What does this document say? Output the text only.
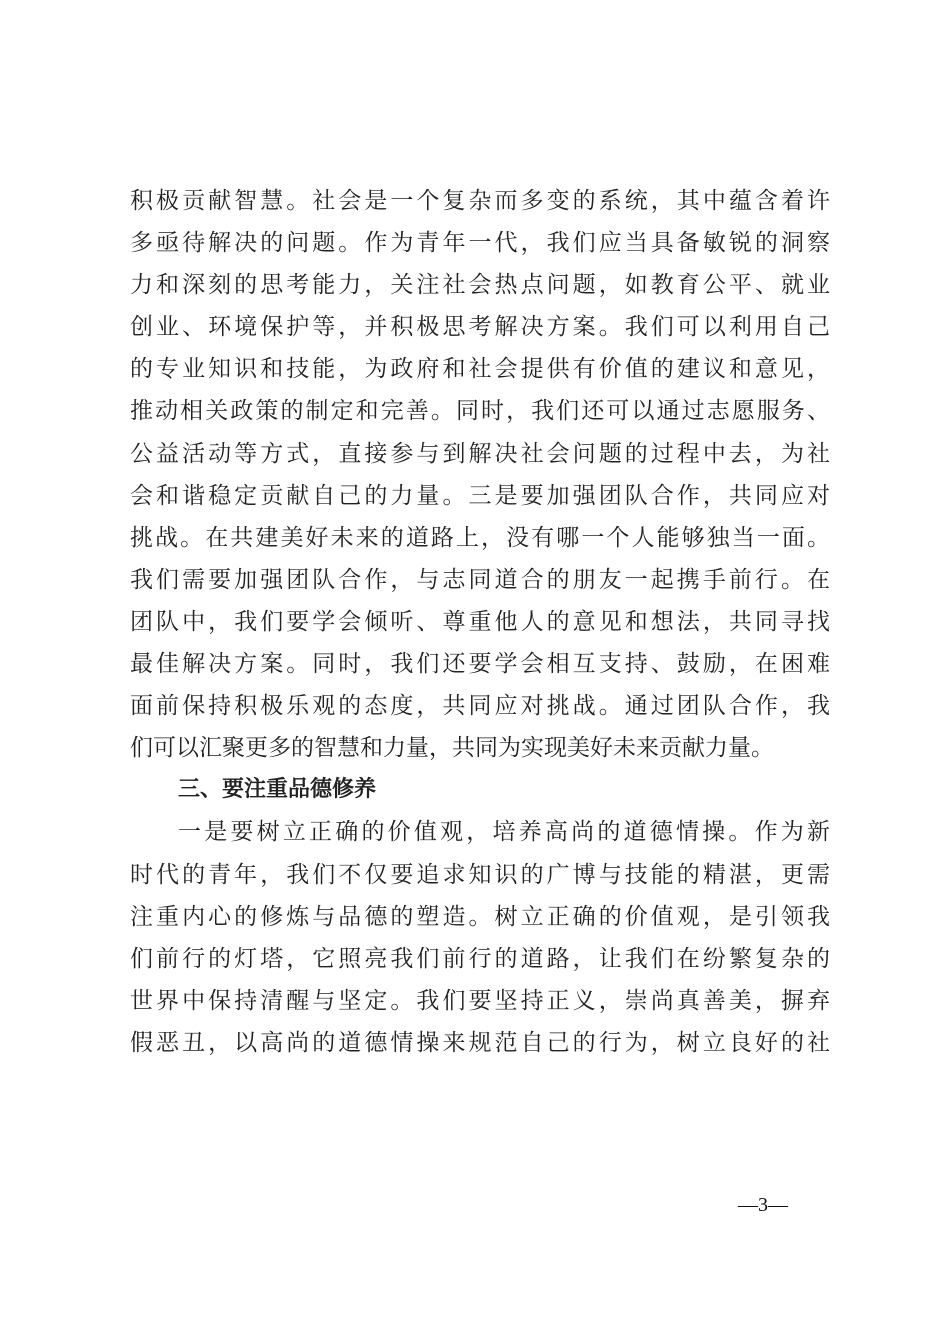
积极贡献智慧。社会是一个复杂而多变的系统，其中蕴含着许
多亟待解决的问题。作为青年一代，我们应当具备敏锐的洞察
力和深刻的思考能力，关注社会热点问题，如教育公平、就业
创业、环境保护等，并积极思考解决方案。我们可以利用自己
的专业知识和技能，为政府和社会提供有价值的建议和意见，
推动相关政策的制定和完善。同时，我们还可以通过志愿服务、
公益活动等方式，直接参与到解决社会问题的过程中去，为社
会和谐稳定贡献自己的力量。三是要加强团队合作，共同应对
挑战。在共建美好未来的道路上，没有哪一个人能够独当一面。
我们需要加强团队合作，与志同道合的朋友一起携手前行。在
团队中，我们要学会倾听、尊重他人的意见和想法，共同寻找
最佳解决方案。同时，我们还要学会相互支持、鼓励，在困难
面前保持积极乐观的态度，共同应对挑战。通过团队合作，我
们可以汇聚更多的智慧和力量，共同为实现美好未来贡献力量。
三、要注重品德修养
一是要树立正确的价值观，培养高尚的道德情操。作为新
时代的青年，我们不仅要追求知识的广博与技能的精湛，更需
注重内心的修炼与品德的塑造。树立正确的价值观，是引领我
们前行的灯塔，它照亮我们前行的道路，让我们在纷繁复杂的
世界中保持清醒与坚定。我们要坚持正义，崇尚真善美，摒弃
假恶丑，以高尚的道德情操来规范自己的行为，树立良好的社
—3—
